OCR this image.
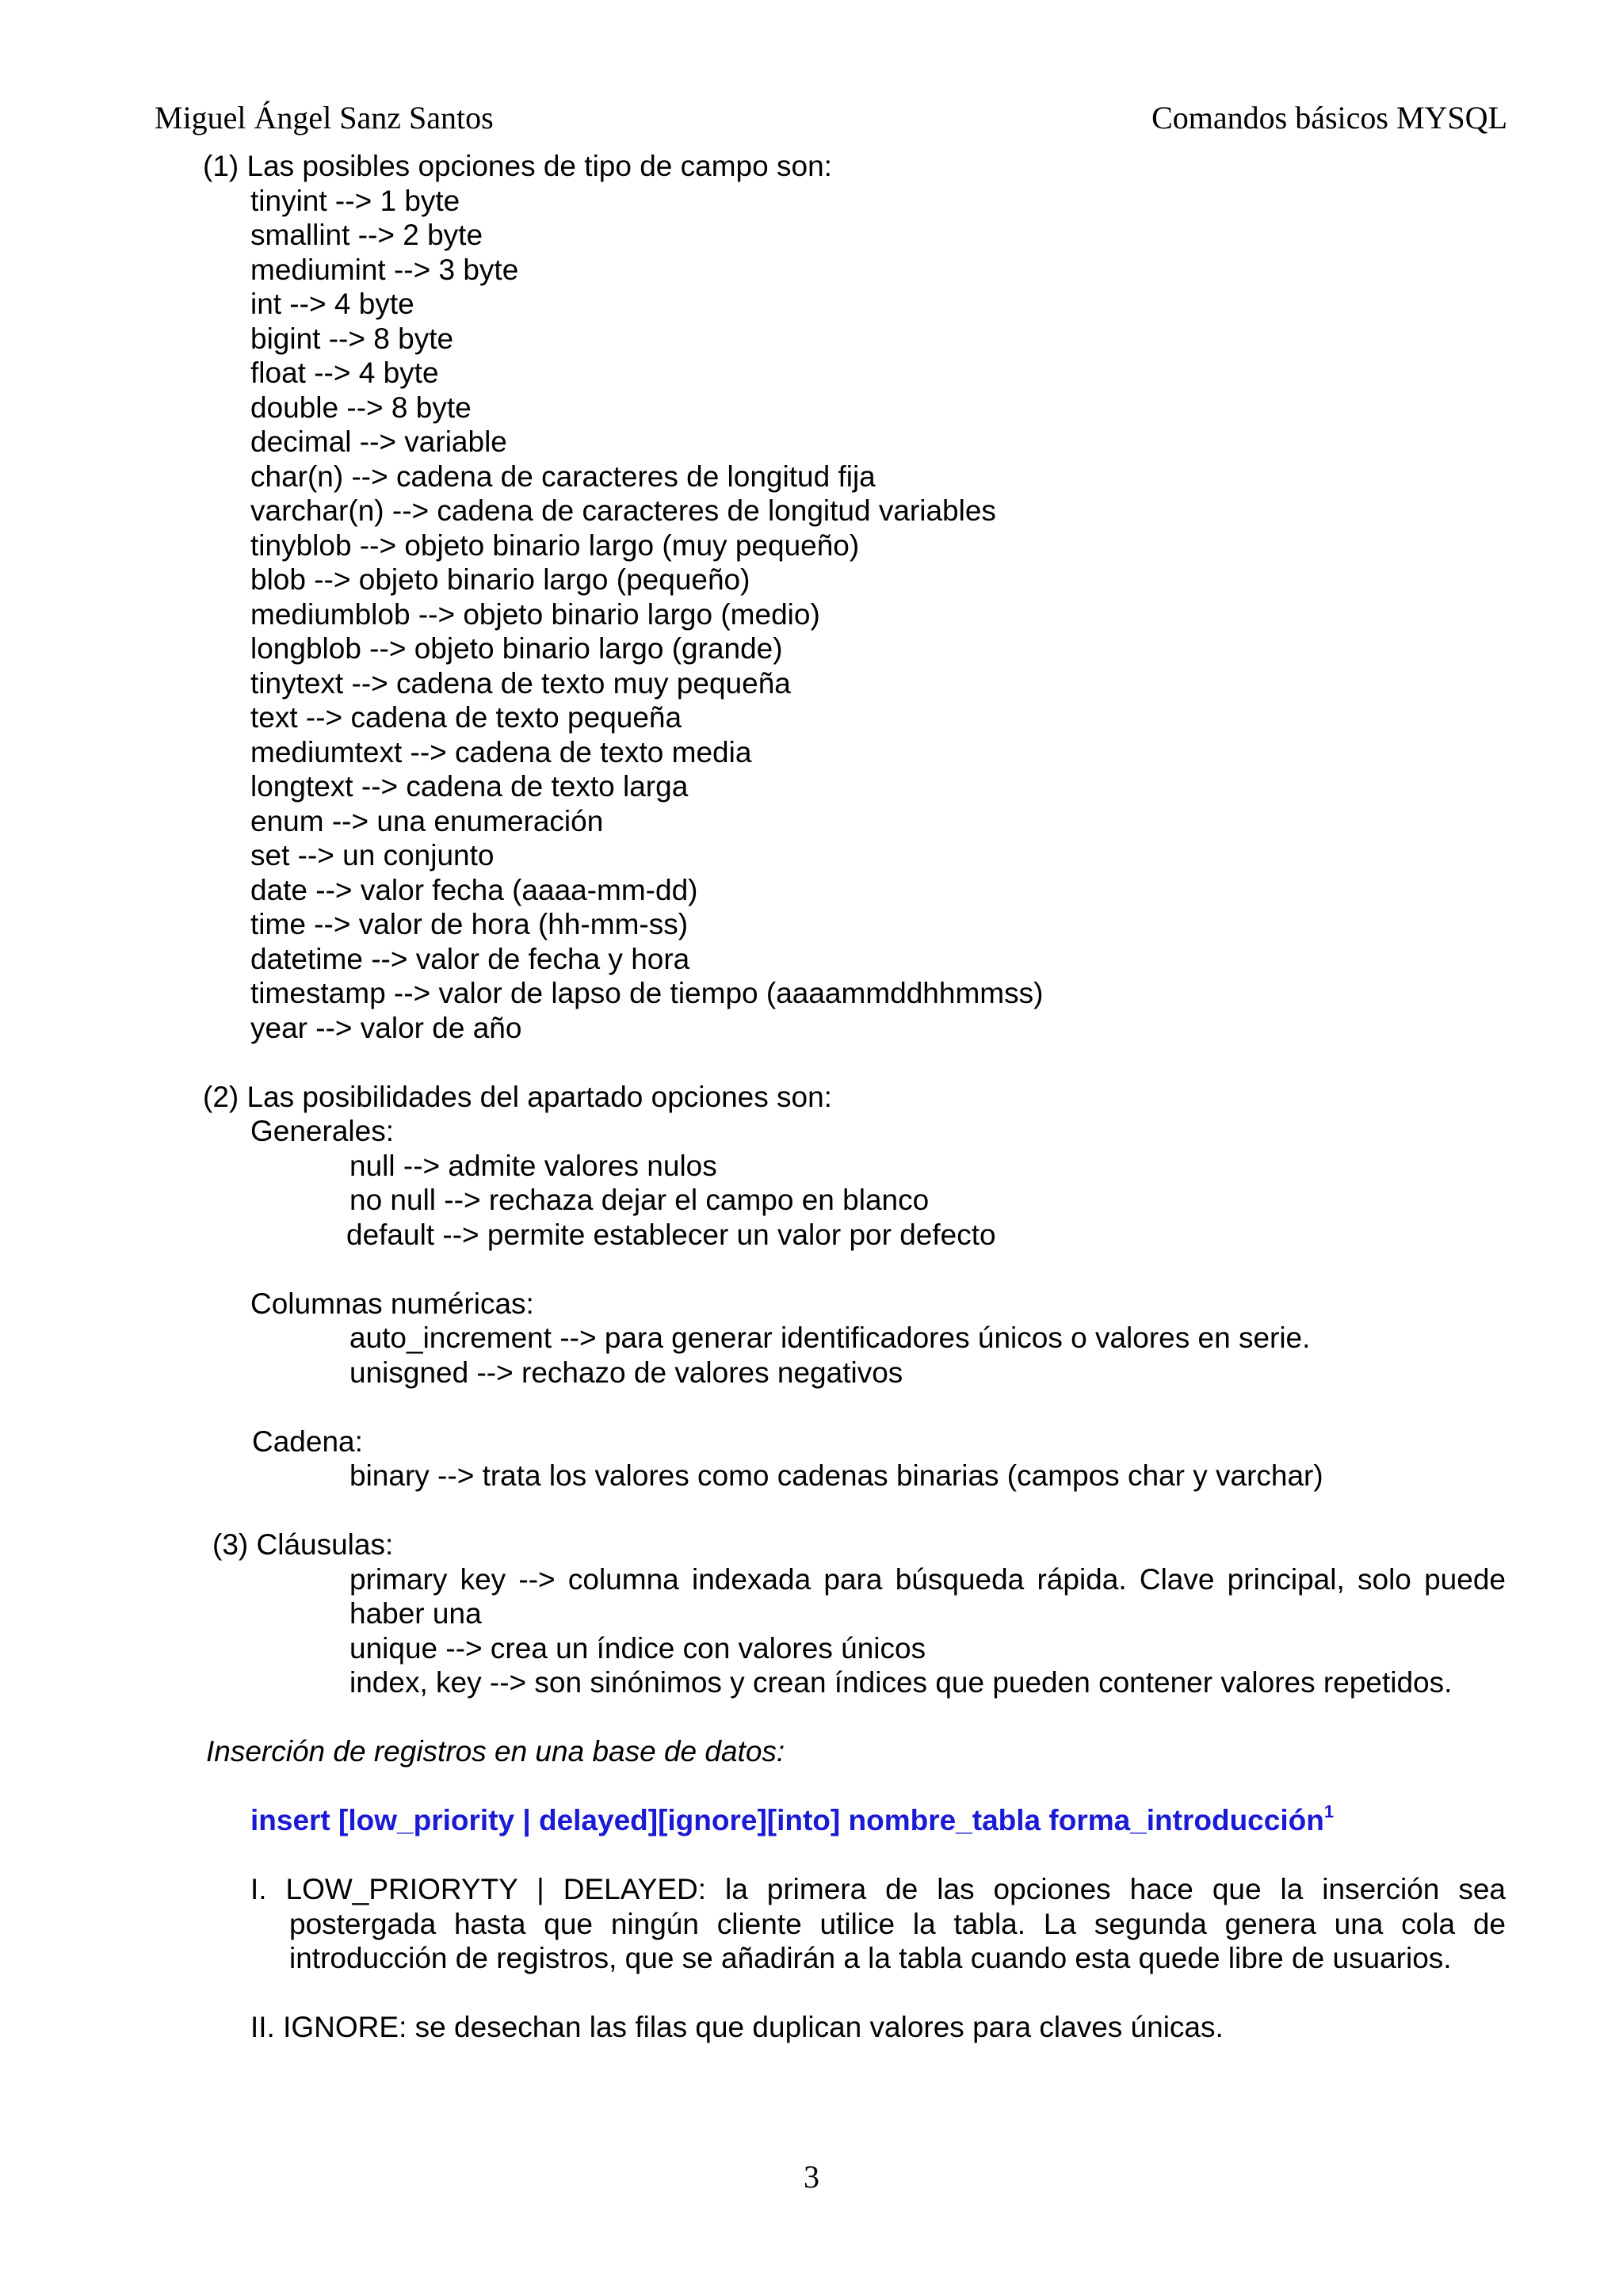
Miguel Ángel Sanz Santos	Comandos básicos MYSQL
(1) Las posibles opciones de tipo de campo son:
tinyint --> 1 byte
smallint --> 2 byte
mediumint --> 3 byte
int --> 4 byte
bigint --> 8 byte
float --> 4 byte
double --> 8 byte
decimal --> variable
char(n) --> cadena de caracteres de longitud fija
varchar(n) --> cadena de caracteres de longitud variables
tinyblob --> objeto binario largo (muy pequeño)
blob --> objeto binario largo (pequeño)
mediumblob --> objeto binario largo (medio)
longblob --> objeto binario largo (grande)
tinytext --> cadena de texto muy pequeña
text --> cadena de texto pequeña
mediumtext --> cadena de texto media
longtext --> cadena de texto larga
enum --> una enumeración
set --> un conjunto
date --> valor fecha (aaaa-mm-dd)
time --> valor de hora (hh-mm-ss)
datetime --> valor de fecha y hora
timestamp --> valor de lapso de tiempo (aaaammddhhmmss)
year --> valor de año
(2) Las posibilidades del apartado opciones son:
Generales:
null --> admite valores nulos
no null --> rechaza dejar el campo en blanco
default --> permite establecer un valor por defecto
Columnas numéricas:
auto_increment --> para generar identificadores únicos o valores en serie.
unisgned --> rechazo de valores negativos
Cadena:
binary --> trata los valores como cadenas binarias (campos char y varchar)
(3) Cláusulas:
primary key --> columna indexada para búsqueda rápida. Clave principal, solo puede haber una
unique --> crea un índice con valores únicos
index, key --> son sinónimos y crean índices que pueden contener valores repetidos.
Inserción de registros en una base de datos:
insert [low_priority | delayed][ignore][into] nombre_tabla forma_introducción$^1$
I. LOW_PRIORYTY | DELAYED: la primera de las opciones hace que la inserción sea postergada hasta que ningún cliente utilice la tabla. La segunda genera una cola de introducción de registros, que se añadirán a la tabla cuando esta quede libre de usuarios.
II. IGNORE: se desechan las filas que duplican valores para claves únicas.
3
